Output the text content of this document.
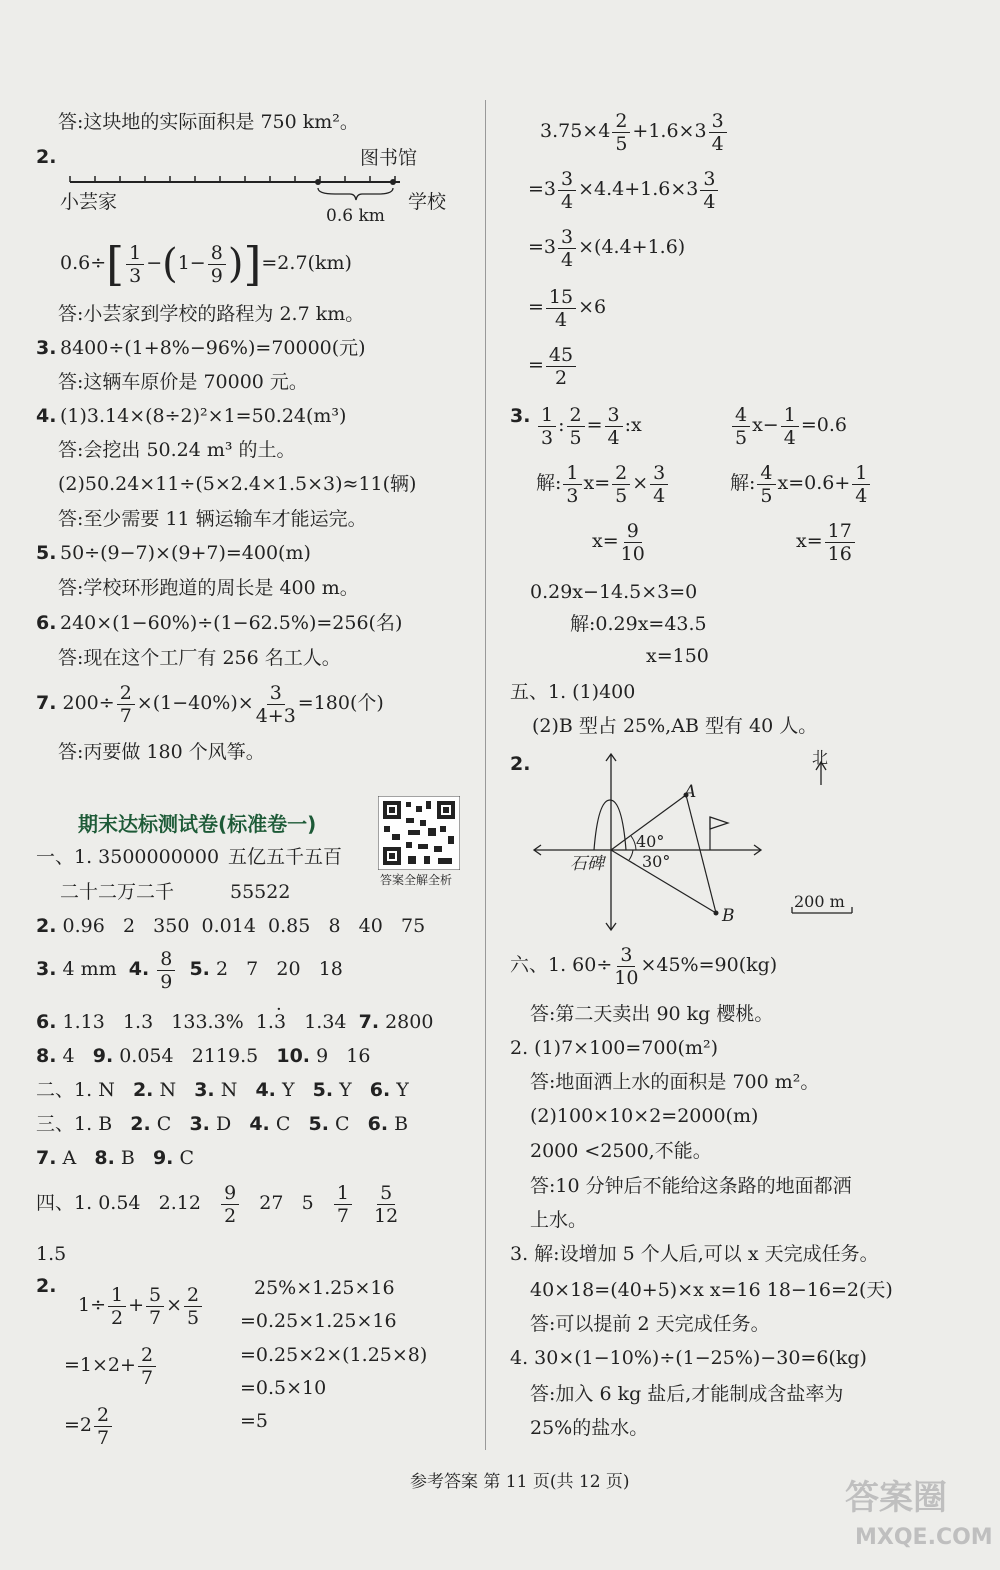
答:这块地的实际面积是 750 km²。
2.	图书馆
小芸家	学校
0.6 km
$0.6\div[ \frac{1}{3} -(1- \frac{8}{9} )]=2.7(km)$
答:小芸家到学校的路程为 2.7 km。
3. 8400÷(1+8%−96%)=70000(元)
答:这辆车原价是 70000 元。
4. (1)3.14×(8÷2)²×1=50.24(m³)
答:会挖出 50.24 m³ 的土。
(2)50.24×11÷(5×2.4×1.5×3)≈11(辆)
答:至少需要 11 辆运输车才能运完。
5. 50÷(9−7)×(9+7)=400(m)
答:学校环形跑道的周长是 400 m。
6. 240×(1−60%)÷(1−62.5%)=256(名)
答:现在这个工厂有 256 名工人。
7. $200\div \frac{2}{7} \times(1-40\%)\times \frac{3}{4+3} =180$(个)
答:丙要做 180 个风筝。
期末达标测试卷(标准卷一)
答案全解全析
一、1. 3500000000 五亿五千五百
二十二万二千	55522
2. 0.96 2 350 0.014 0.85 8 40 75
3. 4 mm 4. $\frac{8}{9} 5$. 2 7 20 18
6. 1.13 1.3 133.3% 1.· 3 1.34 7. 2800
8. 4 9. 0.054 2119.5 10. 9 16
二、1. N 2. N 3. N 4. Y 5. Y 6. Y
三、1. B 2. C 3. D 4. C 5. C 6. B
7. A 8. B 9. C
四、1. 0.54 $2.12 \frac{9}{2} 27$ $5 \frac{1}{7}$
$\frac{5}{12}$
1.5
2.
$1\div \frac{1}{2} + \frac{5}{7} \times \frac{2}{5}$
$=1\times 2+ \frac{2}{7}$
$=2 \frac{2}{7}$
25%×1.25×16
=0.25×1.25×16
=0.25×2×(1.25×8)
=0.5×10
=5
$3.75\times 4 \frac{2}{5} +1.6\times 3 \frac{3}{4}$
$=3 \frac{3}{4} \times 4.4+1.6\times 3 \frac{3}{4}$
$=3 \frac{3}{4} \times(4.4+1.6)$
= $\frac{15}{4} \times 6$
= $\frac{45}{2}$
3. $\frac{1}{3}$ : $\frac{2}{5} = \frac{3}{4}$ :x	$\frac{4}{5} x- \frac{1}{4} =0.6$
解: $\frac{1}{3} x= \frac{2}{5} \times \frac{3}{4}$	解: $\frac{4}{5} x=0.6+ \frac{1}{4}$
$x= \frac{9}{10}$	$x= \frac{17}{16}$
0.29x−14.5×3=0
解:0.29x=43.5
x=150
五、1. (1)400
(2)B 型占 25%,AB 型有 40 人。
2.	北
A
B
石碑
40°
30°
200 m
六、1. $60\div \frac{3}{10} \times 45\%=90(kg)$
答:第二天卖出 90 kg 樱桃。
2. (1)7×100=700(m²)
答:地面洒上水的面积是 700 m²。
(2)100×10×2=2000(m)
2000 <2500,不能。
答:10 分钟后不能给这条路的地面都洒
上水。
3. 解:设增加 5 个人后,可以 x 天完成任务。
40×18=(40+5)×x x=16 18−16=2(天)
答:可以提前 2 天完成任务。
4. 30×(1−10%)÷(1−25%)−30=6(kg)
答:加入 6 kg 盐后,才能制成含盐率为
25%的盐水。
参考答案 第 11 页(共 12 页)	答案圈
MXQE.COM
